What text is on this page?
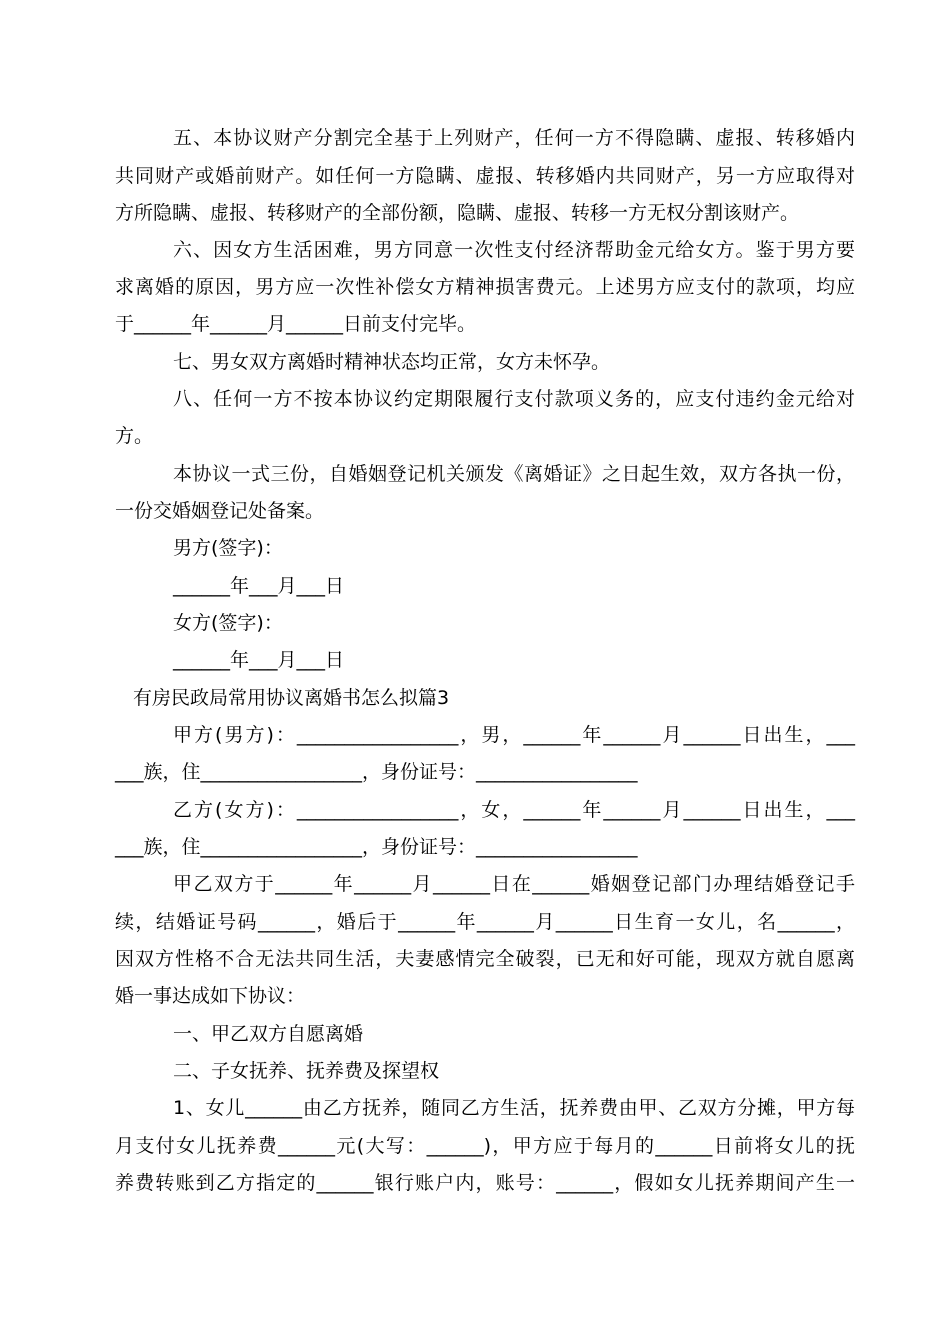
五、本协议财产分割完全基于上列财产，任何一方不得隐瞒、虚报、转移婚内
共同财产或婚前财产。如任何一方隐瞒、虚报、转移婚内共同财产，另一方应取得对
方所隐瞒、虚报、转移财产的全部份额，隐瞒、虚报、转移一方无权分割该财产。
六、因女方生活困难，男方同意一次性支付经济帮助金元给女方。鉴于男方要
求离婚的原因，男方应一次性补偿女方精神损害费元。上述男方应支付的款项，均应
于______年______月______日前支付完毕。
七、男女双方离婚时精神状态均正常，女方未怀孕。
八、任何一方不按本协议约定期限履行支付款项义务的，应支付违约金元给对
方。
本协议一式三份，自婚姻登记机关颁发《离婚证》之日起生效，双方各执一份，
一份交婚姻登记处备案。
男方(签字)：
______年___月___日
女方(签字)：
______年___月___日
有房民政局常用协议离婚书怎么拟篇3
甲方(男方)：_________________，男，______年______月______日出生，___
___族，住_________________，身份证号：_________________
乙方(女方)：_________________，女，______年______月______日出生，___
___族，住_________________，身份证号：_________________
甲乙双方于______年______月______日在______婚姻登记部门办理结婚登记手
续，结婚证号码______，婚后于______年______月______日生育一女儿，名______，
因双方性格不合无法共同生活，夫妻感情完全破裂，已无和好可能，现双方就自愿离
婚一事达成如下协议：
一、甲乙双方自愿离婚
二、子女抚养、抚养费及探望权
1、女儿______由乙方抚养，随同乙方生活，抚养费由甲、乙双方分摊，甲方每
月支付女儿抚养费______元(大写：______)，甲方应于每月的______日前将女儿的抚
养费转账到乙方指定的______银行账户内，账号：______，假如女儿抚养期间产生一
